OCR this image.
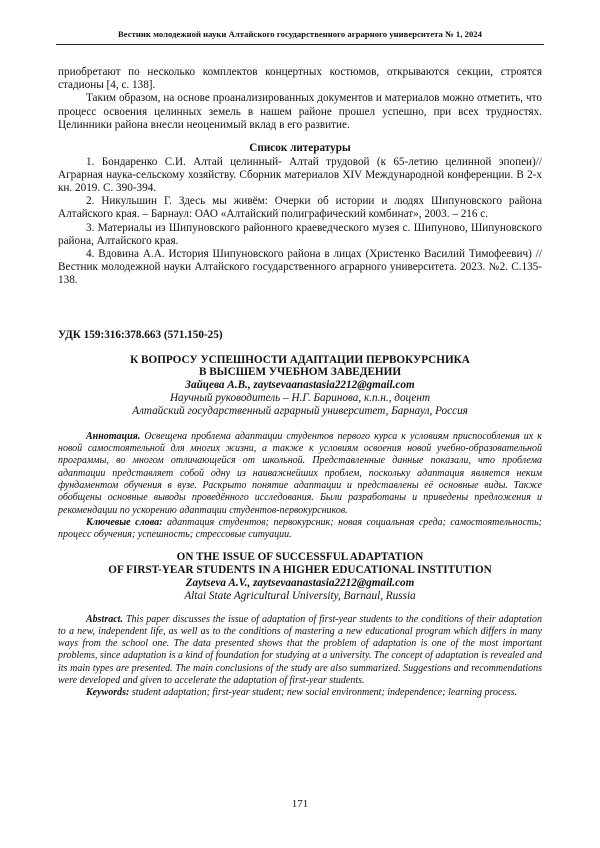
Вестник молодежной науки Алтайского государственного аграрного университета № 1, 2024

приобретают по несколько комплектов концертных костюмов, открываются секции, строятся стадионы [4, с. 138].

Таким образом, на основе проанализированных документов и материалов можно отметить, что процесс освоения целинных земель в нашем районе прошел успешно, при всех трудностях. Целинники района внесли неоценимый вклад в его развитие.

Список литературы

1. Бондаренко С.И. Алтай целинный- Алтай трудовой (к 65-летию целинной эпопеи)// Аграрная наука-сельскому хозяйству. Сборник материалов XIV Международной конференции. В 2-х кн. 2019. С. 390-394.

2. Никульшин Г. Здесь мы живём: Очерки об истории и людях Шипуновского района Алтайского края. – Барнаул: ОАО «Алтайский полиграфический комбинат», 2003. – 216 с.

3. Материалы из Шипуновского районного краеведческого музея с. Шипуново, Шипуновского района, Алтайского края.

4. Вдовина А.А. История Шипуновского района в лицах (Христенко Василий Тимофеевич) // Вестник молодежной науки Алтайского государственного аграрного университета. 2023. №2. С.135-138.

УДК 159:316:378.663 (571.150-25)

К ВОПРОСУ УСПЕШНОСТИ АДАПТАЦИИ ПЕРВОКУРСНИКА
В ВЫСШЕМ УЧЕБНОМ ЗАВЕДЕНИИ

Зайцева А.В., zaytsevaanastasia2212@gmail.com

Научный руководитель – Н.Г. Баринова, к.п.н., доцент

Алтайский государственный аграрный университет, Барнаул, Россия

Аннотация. Освещена проблема адаптации студентов первого курса к условиям приспособления их к новой самостоятельной для многих жизни, а также к условиям освоения новой учебно-образовательной программы, во многом отличающейся от школьной. Представленные данные показали, что проблема адаптации представляет собой одну из наиважнейших проблем, поскольку адаптация является неким фундаментом обучения в вузе. Раскрыто понятие адаптации и представлены её основные виды. Также обобщены основные выводы проведённого исследования. Были разработаны и приведены предложения и рекомендации по ускорению адаптации студентов-первокурсников.

Ключевые слова: адаптация студентов; первокурсник; новая социальная среда; самостоятельность; процесс обучения; успешность; стрессовые ситуации.

ON THE ISSUE OF SUCCESSFUL ADAPTATION
OF FIRST-YEAR STUDENTS IN A HIGHER EDUCATIONAL INSTITUTION

Zaytseva A.V., zaytsevaanastasia2212@gmail.com

Altai State Agricultural University, Barnaul, Russia

Abstract. This paper discusses the issue of adaptation of first-year students to the conditions of their adaptation to a new, independent life, as well as to the conditions of mastering a new educational program which differs in many ways from the school one. The data presented shows that the problem of adaptation is one of the most important problems, since adaptation is a kind of foundation for studying at a university. The concept of adaptation is revealed and its main types are presented. The main conclusions of the study are also summarized. Suggestions and recommendations were developed and given to accelerate the adaptation of first-year students.

Keywords: student adaptation; first-year student; new social environment; independence; learning process.

171
